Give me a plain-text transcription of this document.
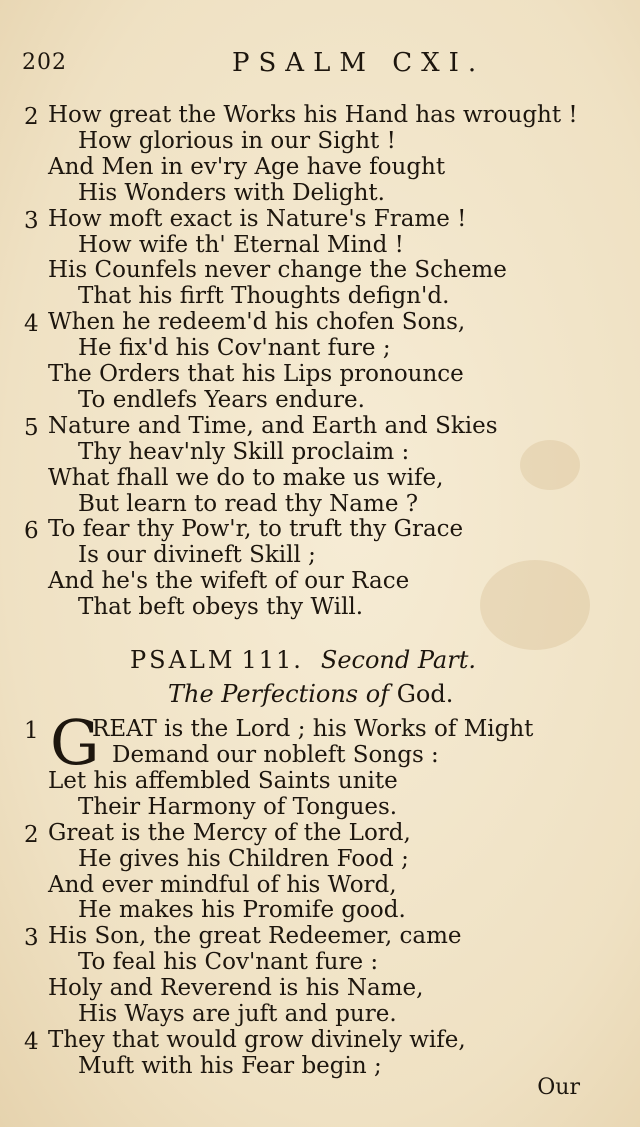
202	PSALM CXI.
2 How great the Works his Hand has wrought !
How glorious in our Sight !
And Men in ev'ry Age have fought
His Wonders with Delight.
3 How moft exact is Nature's Frame !
How wife th' Eternal Mind !
His Counfels never change the Scheme
That his firft Thoughts defign'd.
4 When he redeem'd his chofen Sons,
He fix'd his Cov'nant fure ;
The Orders that his Lips pronounce
To endlefs Years endure.
5 Nature and Time, and Earth and Skies
Thy heav'nly Skill proclaim :
What fhall we do to make us wife,
But learn to read thy Name ?
6 To fear thy Pow'r, to truft thy Grace
Is our divineft Skill ;
And he's the wifeft of our Race
That beft obeys thy Will.
PSALM 111. Second Part.
The Perfections of God.
1 G
REAT is the Lord ; his Works of Might
Demand our nobleft Songs :
Let his affembled Saints unite
Their Harmony of Tongues.
2 Great is the Mercy of the Lord,
He gives his Children Food ;
And ever mindful of his Word,
He makes his Promife good.
3 His Son, the great Redeemer, came
To feal his Cov'nant fure :
Holy and Reverend is his Name,
His Ways are juft and pure.
4 They that would grow divinely wife,
Muft with his Fear begin ;
Our
